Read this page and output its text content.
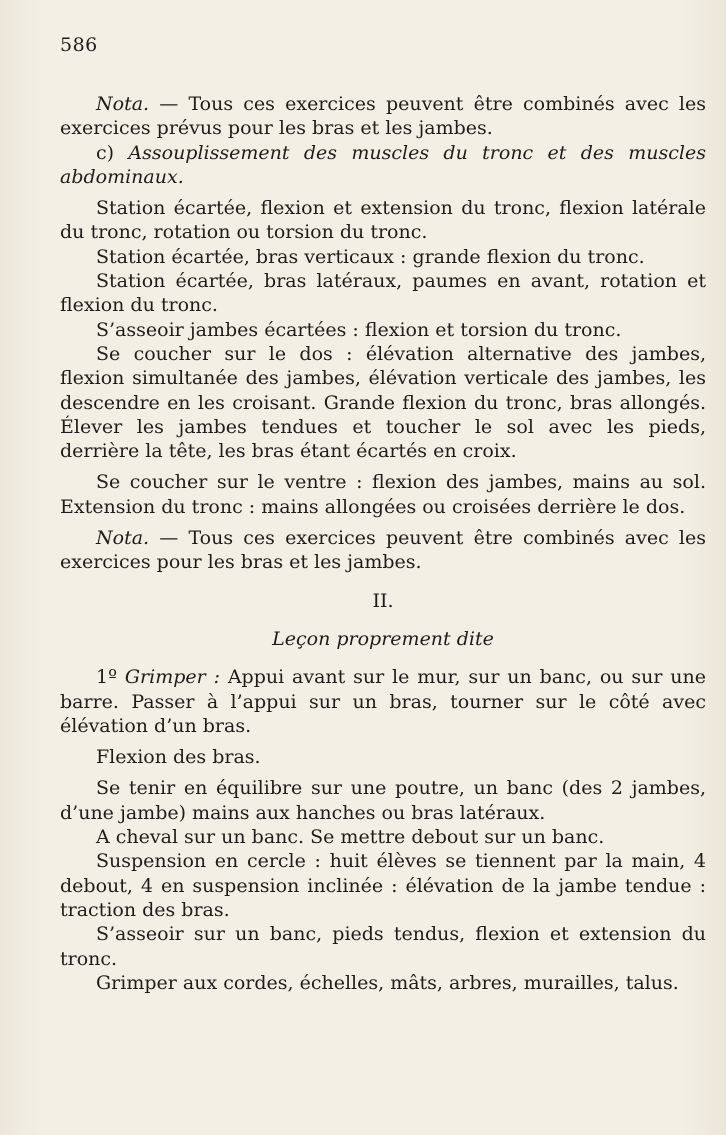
586

Nota. — Tous ces exercices peuvent être combinés avec les exercices prévus pour les bras et les jambes.

c) Assouplissement des muscles du tronc et des muscles abdominaux.

Station écartée, flexion et extension du tronc, flexion latérale du tronc, rotation ou torsion du tronc.

Station écartée, bras verticaux : grande flexion du tronc.

Station écartée, bras latéraux, paumes en avant, rotation et flexion du tronc.

S’asseoir jambes écartées : flexion et torsion du tronc.

Se coucher sur le dos : élévation alternative des jambes, flexion simultanée des jambes, élévation verticale des jambes, les descendre en les croisant. Grande flexion du tronc, bras allongés. Élever les jambes tendues et toucher le sol avec les pieds, derrière la tête, les bras étant écartés en croix.

Se coucher sur le ventre : flexion des jambes, mains au sol. Extension du tronc : mains allongées ou croisées derrière le dos.

Nota. — Tous ces exercices peuvent être combinés avec les exercices pour les bras et les jambes.

II.

Leçon proprement dite

1º Grimper : Appui avant sur le mur, sur un banc, ou sur une barre. Passer à l’appui sur un bras, tourner sur le côté avec élévation d’un bras.

Flexion des bras.

Se tenir en équilibre sur une poutre, un banc (des 2 jambes, d’une jambe) mains aux hanches ou bras latéraux.

A cheval sur un banc. Se mettre debout sur un banc.

Suspension en cercle : huit élèves se tiennent par la main, 4 debout, 4 en suspension inclinée : élévation de la jambe tendue : traction des bras.

S’asseoir sur un banc, pieds tendus, flexion et extension du tronc.

Grimper aux cordes, échelles, mâts, arbres, murailles, talus.
